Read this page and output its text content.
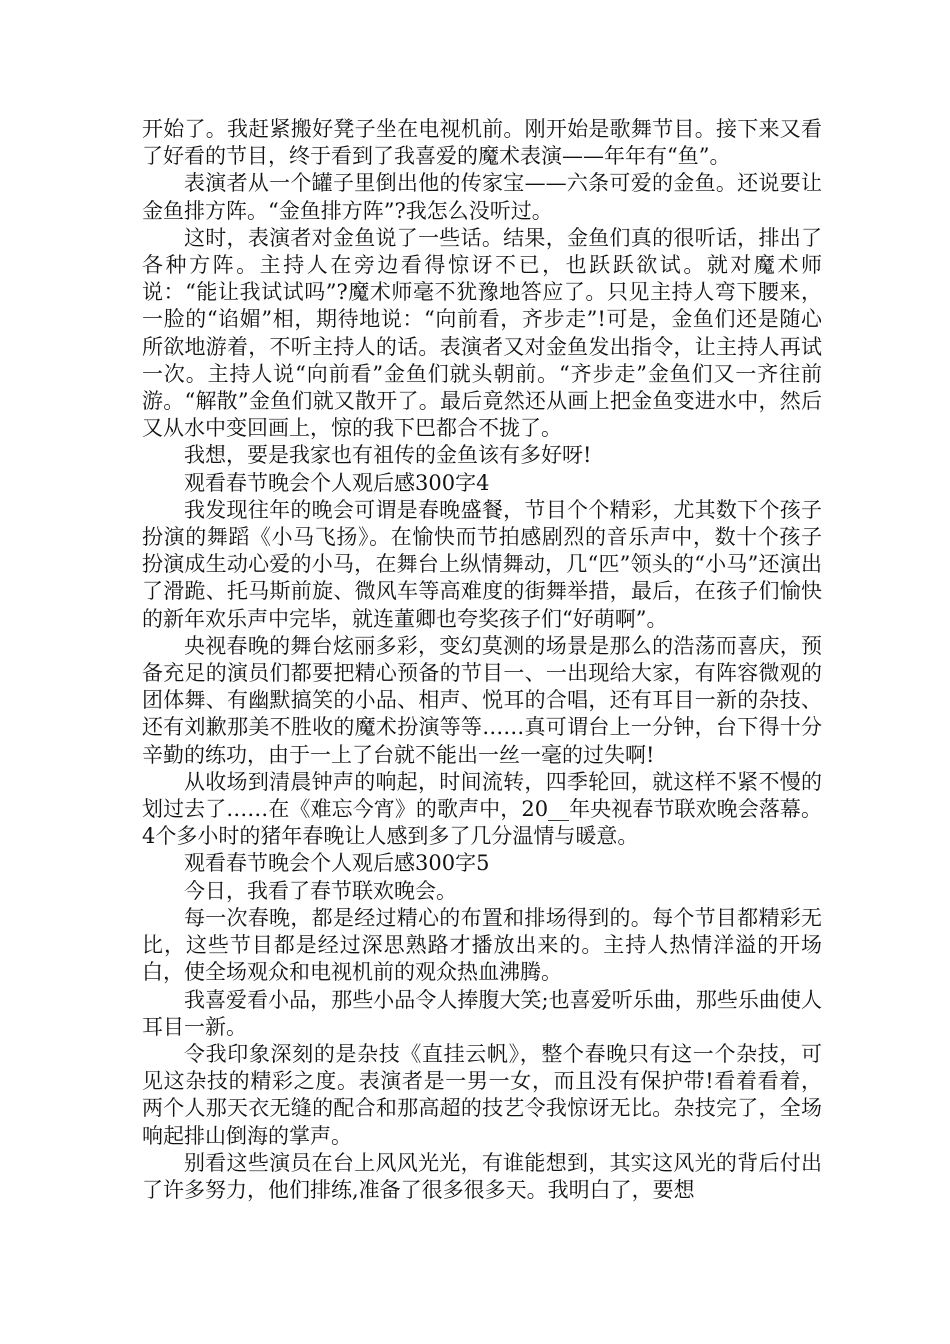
开始了。我赶紧搬好凳子坐在电视机前。刚开始是歌舞节目。接下来又看了好看的节目，终于看到了我喜爱的魔术表演——年年有“鱼”。

表演者从一个罐子里倒出他的传家宝——六条可爱的金鱼。还说要让金鱼排方阵。“金鱼排方阵”?我怎么没听过。

这时，表演者对金鱼说了一些话。结果，金鱼们真的很听话，排出了各种方阵。主持人在旁边看得惊讶不已，也跃跃欲试。就对魔术师说：“能让我试试吗”?魔术师毫不犹豫地答应了。只见主持人弯下腰来，一脸的“谄媚”相，期待地说：“向前看，齐步走”!可是，金鱼们还是随心所欲地游着，不听主持人的话。表演者又对金鱼发出指令，让主持人再试一次。主持人说“向前看”金鱼们就头朝前。“齐步走”金鱼们又一齐往前游。“解散”金鱼们就又散开了。最后竟然还从画上把金鱼变进水中，然后又从水中变回画上，惊的我下巴都合不拢了。

我想，要是我家也有祖传的金鱼该有多好呀!

观看春节晚会个人观后感300字4

我发现往年的晚会可谓是春晚盛餐，节目个个精彩，尤其数下个孩子扮演的舞蹈《小马飞扬》。在愉快而节拍感剧烈的音乐声中，数十个孩子扮演成生动心爱的小马，在舞台上纵情舞动，几“匹”领头的“小马”还演出了滑跪、托马斯前旋、微风车等高难度的街舞举措，最后，在孩子们愉快的新年欢乐声中完毕，就连董卿也夸奖孩子们“好萌啊”。

央视春晚的舞台炫丽多彩，变幻莫测的场景是那么的浩荡而喜庆，预备充足的演员们都要把精心预备的节目一、一出现给大家，有阵容微观的团体舞、有幽默搞笑的小品、相声、悦耳的合唱，还有耳目一新的杂技、还有刘歉那美不胜收的魔术扮演等等……真可谓台上一分钟，台下得十分辛勤的练功，由于一上了台就不能出一丝一毫的过失啊!

从收场到清晨钟声的响起，时间流转，四季轮回，就这样不紧不慢的划过去了……在《难忘今宵》的歌声中，20__年央视春节联欢晚会落幕。4个多小时的猪年春晚让人感到多了几分温情与暖意。

观看春节晚会个人观后感300字5

今日，我看了春节联欢晚会。

每一次春晚，都是经过精心的布置和排场得到的。每个节目都精彩无比，这些节目都是经过深思熟路才播放出来的。主持人热情洋溢的开场白，使全场观众和电视机前的观众热血沸腾。

我喜爱看小品，那些小品令人捧腹大笑;也喜爱听乐曲，那些乐曲使人耳目一新。

令我印象深刻的是杂技《直挂云帆》，整个春晚只有这一个杂技，可见这杂技的精彩之度。表演者是一男一女，而且没有保护带!看着看着，两个人那天衣无缝的配合和那高超的技艺令我惊讶无比。杂技完了，全场响起排山倒海的掌声。

别看这些演员在台上风风光光，有谁能想到，其实这风光的背后付出了许多努力，他们排练,准备了很多很多天。我明白了，要想
